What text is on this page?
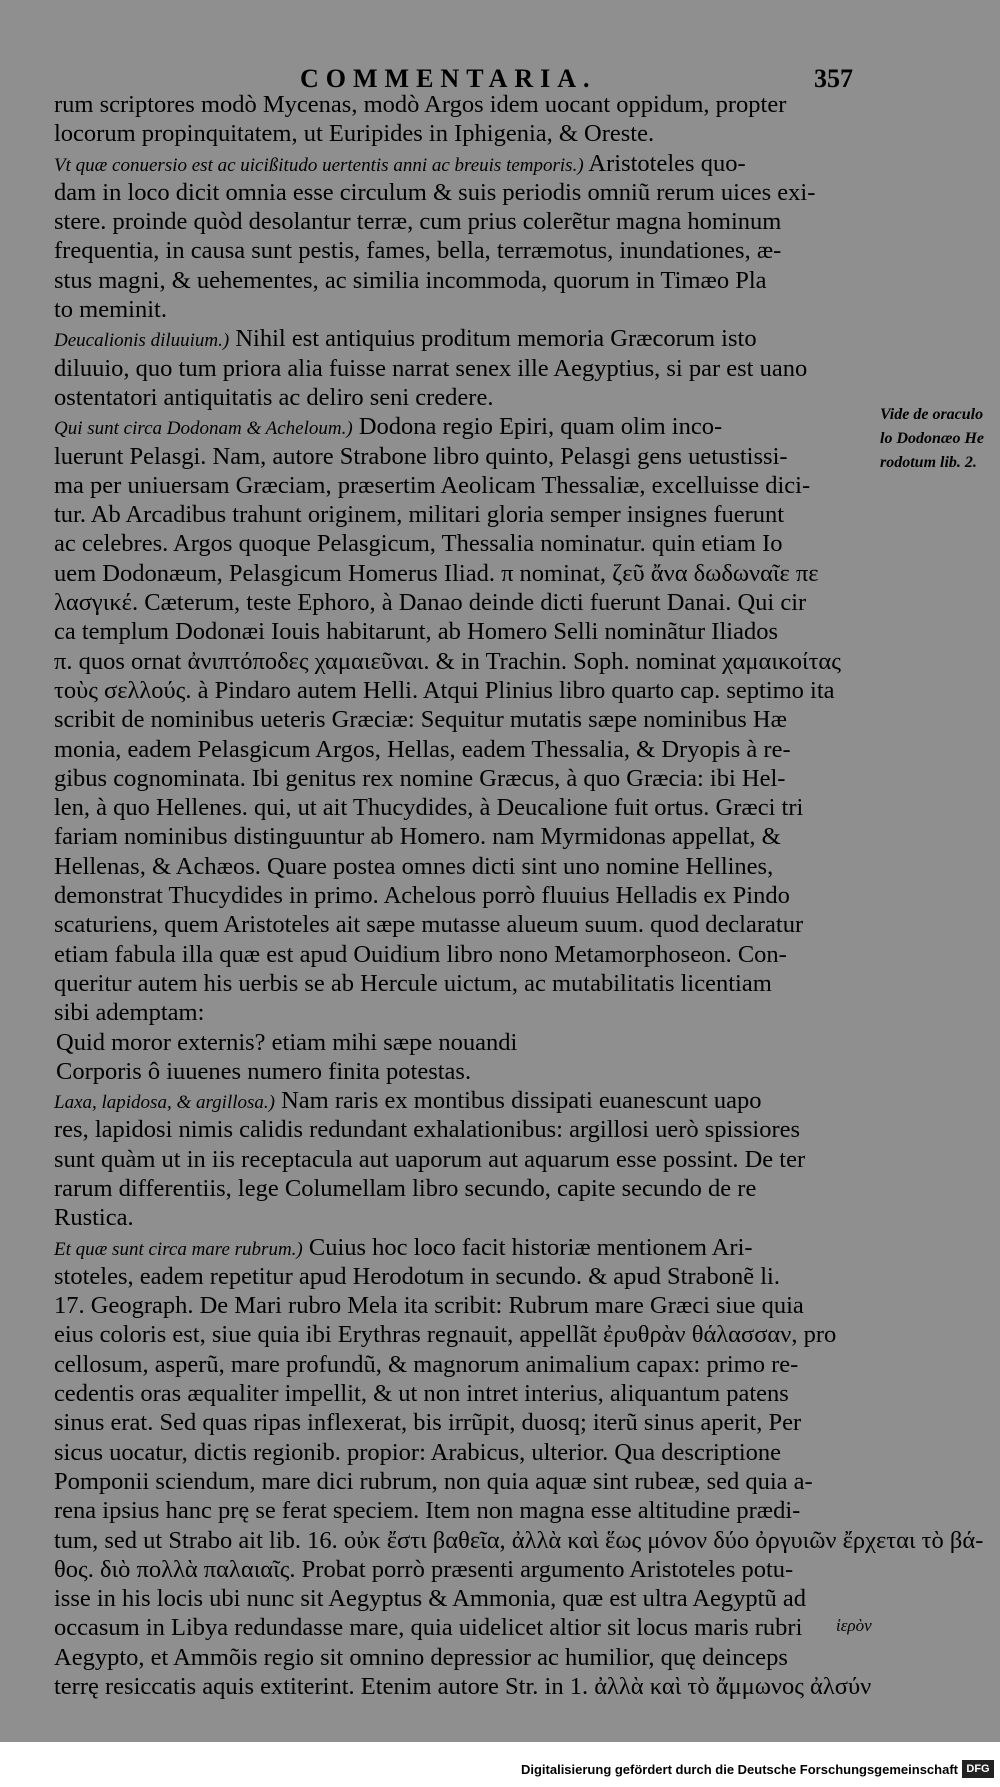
COMMENTARIA.	357
rum scriptores modò Mycenas, modò Argos idem uocant oppidum, propter
locorum propinquitatem, ut Euripides in Iphigenia, & Oreste.
Vt quæ conuersio est ac uicißitudo uertentis anni ac breuis temporis.) Aristoteles quo-
dam in loco dicit omnia esse circulum & suis periodis omniũ rerum uices exi-
stere. proinde quòd desolantur terræ, cum prius colerẽtur magna hominum
frequentia, in causa sunt pestis, fames, bella, terræmotus, inundationes, æ-
stus magni, & uehementes, ac similia incommoda, quorum in Timæo Pla
to meminit.
Deucalionis diluuium.) Nihil est antiquius proditum memoria Græcorum isto
diluuio, quo tum priora alia fuisse narrat senex ille Aegyptius, si par est uano
ostentatori antiquitatis ac deliro seni credere.
Qui sunt circa Dodonam & Acheloum.) Dodona regio Epiri, quam olim inco-
luerunt Pelasgi. Nam, autore Strabone libro quinto, Pelasgi gens uetustissi-
ma per uniuersam Græciam, præsertim Aeolicam Thessaliæ, excelluisse dici-
tur. Ab Arcadibus trahunt originem, militari gloria semper insignes fuerunt
ac celebres. Argos quoque Pelasgicum, Thessalia nominatur. quin etiam Io
uem Dodonæum, Pelasgicum Homerus Iliad. π nominat, ζεῦ ἄνα δωδωναῖε πε
λασγικέ. Cæterum, teste Ephoro, à Danao deinde dicti fuerunt Danai. Qui cir
ca templum Dodonæi Iouis habitarunt, ab Homero Selli nominãtur Iliados
π. quos ornat ἀνιπτόποδες χαμαιεῦναι. & in Trachin. Soph. nominat χαμαικοίτας
τοὺς σελλούς. à Pindaro autem Helli. Atqui Plinius libro quarto cap. septimo ita
scribit de nominibus ueteris Græciæ: Sequitur mutatis sæpe nominibus Hæ
monia, eadem Pelasgicum Argos, Hellas, eadem Thessalia, & Dryopis à re-
gibus cognominata. Ibi genitus rex nomine Græcus, à quo Græcia: ibi Hel-
len, à quo Hellenes. qui, ut ait Thucydides, à Deucalione fuit ortus. Græci tri
fariam nominibus distinguuntur ab Homero. nam Myrmidonas appellat, &
Hellenas, & Achæos. Quare postea omnes dicti sint uno nomine Hellines,
demonstrat Thucydides in primo. Achelous porrò fluuius Helladis ex Pindo
scaturiens, quem Aristoteles ait sæpe mutasse alueum suum. quod declaratur
etiam fabula illa quæ est apud Ouidium libro nono Metamorphoseon. Con-
queritur autem his uerbis se ab Hercule uictum, ac mutabilitatis licentiam
sibi ademptam:
Quid moror externis? etiam mihi sæpe nouandi
Corporis ô iuuenes numero finita potestas.
Laxa, lapidosa, & argillosa.) Nam raris ex montibus dissipati euanescunt uapo
res, lapidosi nimis calidis redundant exhalationibus: argillosi uerò spissiores
sunt quàm ut in iis receptacula aut uaporum aut aquarum esse possint. De ter
rarum differentiis, lege Columellam libro secundo, capite secundo de re
Rustica.
Et quæ sunt circa mare rubrum.) Cuius hoc loco facit historiæ mentionem Ari-
stoteles, eadem repetitur apud Herodotum in secundo. & apud Strabonẽ li.
17. Geograph. De Mari rubro Mela ita scribit: Rubrum mare Græci siue quia
eius coloris est, siue quia ibi Erythras regnauit, appellãt ἐρυθρὰν θάλασσαν, pro
cellosum, asperũ, mare profundũ, & magnorum animalium capax: primo re-
cedentis oras æqualiter impellit, & ut non intret interius, aliquantum patens
sinus erat. Sed quas ripas inflexerat, bis irrũpit, duosq; iterũ sinus aperit, Per
sicus uocatur, dictis regionib. propior: Arabicus, ulterior. Qua descriptione
Pomponii sciendum, mare dici rubrum, non quia aquæ sint rubeæ, sed quia a-
rena ipsius hanc prę se ferat speciem. Item non magna esse altitudine prædi-
tum, sed ut Strabo ait lib. 16. οὐκ ἔστι βαθεῖα, ἀλλὰ καὶ ἕως μόνον δύο ὀργυιῶν ἔρχεται τὸ βά-
θος. διὸ πολλὰ παλαιαῖς. Probat porrò præsenti argumento Aristoteles potu-
isse in his locis ubi nunc sit Aegyptus & Ammonia, quæ est ultra Aegyptũ ad
occasum in Libya redundasse mare, quia uidelicet altior sit locus maris rubri
Aegypto, et Ammõis regio sit omnino depressior ac humilior, quę deinceps
terrę resiccatis aquis extiterint. Etenim autore Str. in 1. ἀλλὰ καὶ τὸ ἄμμωνος ἀλσύν
Vide de oraculo
lo Dodonæo He
rodotum lib. 2.
ἱερὸν
Digitalisierung gefördert durch die Deutsche Forschungsgemeinschaft DFG
